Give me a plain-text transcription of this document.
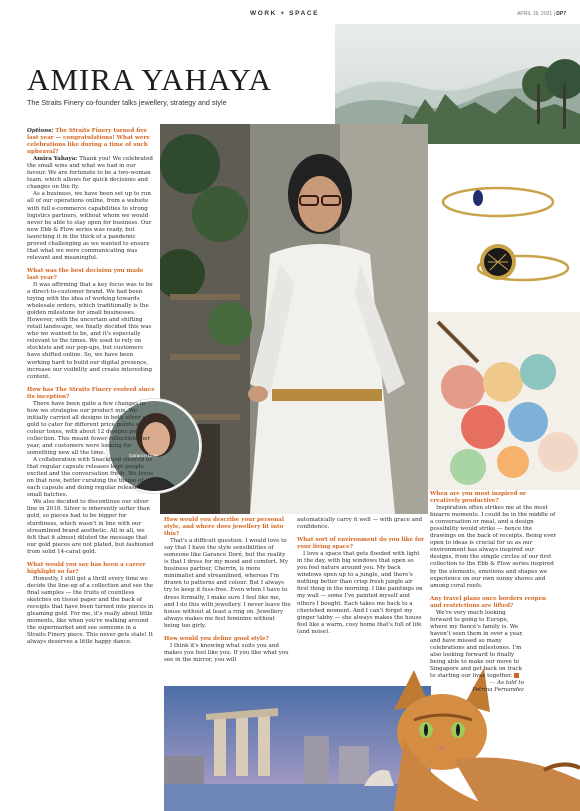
WORK + SPACE	APRIL 19, 2021 | DP7
AMIRA YAHAYA
The Straits Finery co-founder talks jewellery, strategy and style
Garance Doré

Options: The Straits Finery turned five last year — congratulations! What were celebrations like during a time of such upheaval?

Amira Yahaya: Thank you! We celebrated the small wins and what we had in our favour. We are fortunate to be a two-woman team, which allows for quick decisions and changes on the fly.

As a business, we have been set up to run all of our operations online, from a website with full e-commerce capabilities to strong logistics partners, without whom we would never be able to stay open for business. Our new Ebb & Flow series was ready, but launching it in the thick of a pandemic proved challenging as we wanted to ensure that what we were communicating was relevant and meaningful.

What was the best decision you made last year?

It was affirming that a key focus was to be a direct-to-customer brand. We had been toying with the idea of working towards wholesale orders, which traditionally is the golden milestone for small businesses. However, with the uncertain and shifting retail landscape, we finally decided this was who we wanted to be, and it's especially relevant to the times. We used to rely on stockists and our pop-ups, but customers have shifted online. So, we have been working hard to build our digital presence, increase our visibility and create interesting content.

How has The Straits Finery evolved since its inception?

There have been quite a few changes in how we strategise our product mix. We initially carried all designs in both silver and gold to cater for different price points and colour tones, with about 12 designs per collection. This meant fewer collections per year, and customers were looking for something new all the time.

A collaboration with Snackfood showed us that regular capsule releases kept people excited and the conversation fresh. We focus on that now, better curating the theme of each capsule and doing regular releases in small batches.

We also decided to discontinue our silver line in 2018. Silver is inherently softer than gold, so pieces had to be bigger for sturdiness, which wasn't in line with our streamlined brand aesthetic. All in all, we felt that it almost diluted the message that our gold pieces are not plated, but fashioned from solid 14-carat gold.

What would you say has been a career highlight so far?

Honestly, I still get a thrill every time we decide the line-up of a collection and see the final samples — the fruits of countless sketches on tissue paper and the back of receipts that have been turned into pieces in gleaming gold. For me, it's really about little moments, like when you're walking around the supermarket and see someone in a Straits Finery piece. This never gets stale! It always deserves a little happy dance.

How would you describe your personal style, and where does jewellery fit into this?

That's a difficult question. I would love to say that I have the style sensibilities of someone like Garance Doré, but the reality is that I dress for my mood and comfort. My business partner, Cherrin, is more minimalist and streamlined, whereas I'm drawn to patterns and colour. But I always try to keep it fuss-free. Even when I have to dress formally, I make sure I feel like me, and I do this with jewellery. I never leave the house without at least a ring on. Jewellery always makes me feel feminine without being too girly.

How would you define good style?

I think it's knowing what suits you and makes you feel like you. If you like what you see in the mirror, you will

automatically carry it well — with grace and confidence.

What sort of environment do you like for your living space?

I love a space that gets flooded with light in the day, with big windows that open so you feel nature around you. My back windows open up to a jungle, and there's nothing better than crisp fresh jungle air first thing in the morning. I like paintings on my wall — some I've painted myself and others I bought. Each takes me back to a cherished moment. And I can't forget my ginger tabby — she always makes the house feel like a warm, cosy home that's full of life (and noise).

When are you most inspired or creatively productive?

Inspiration often strikes me at the most bizarre moments. I could be in the middle of a conversation or meal, and a design possibility would strike — hence the drawings on the back of receipts. Being ever open to ideas is crucial for us as our environment has always inspired our designs, from the simple circles of our first collection to the Ebb & Flow series inspired by the elements, emotions and shapes we experience on our own sunny shores and among coral reefs.

Any travel plans once borders reopen and restrictions are lifted?

We're very much looking forward to going to Europe, where my fiancé's family is. We haven't seen them in over a year, and have missed so many celebrations and milestones. I'm also looking forward to finally being able to make our move to Singapore and get back on track to starting our lives together.

— As told to
Petrina Fernandez
